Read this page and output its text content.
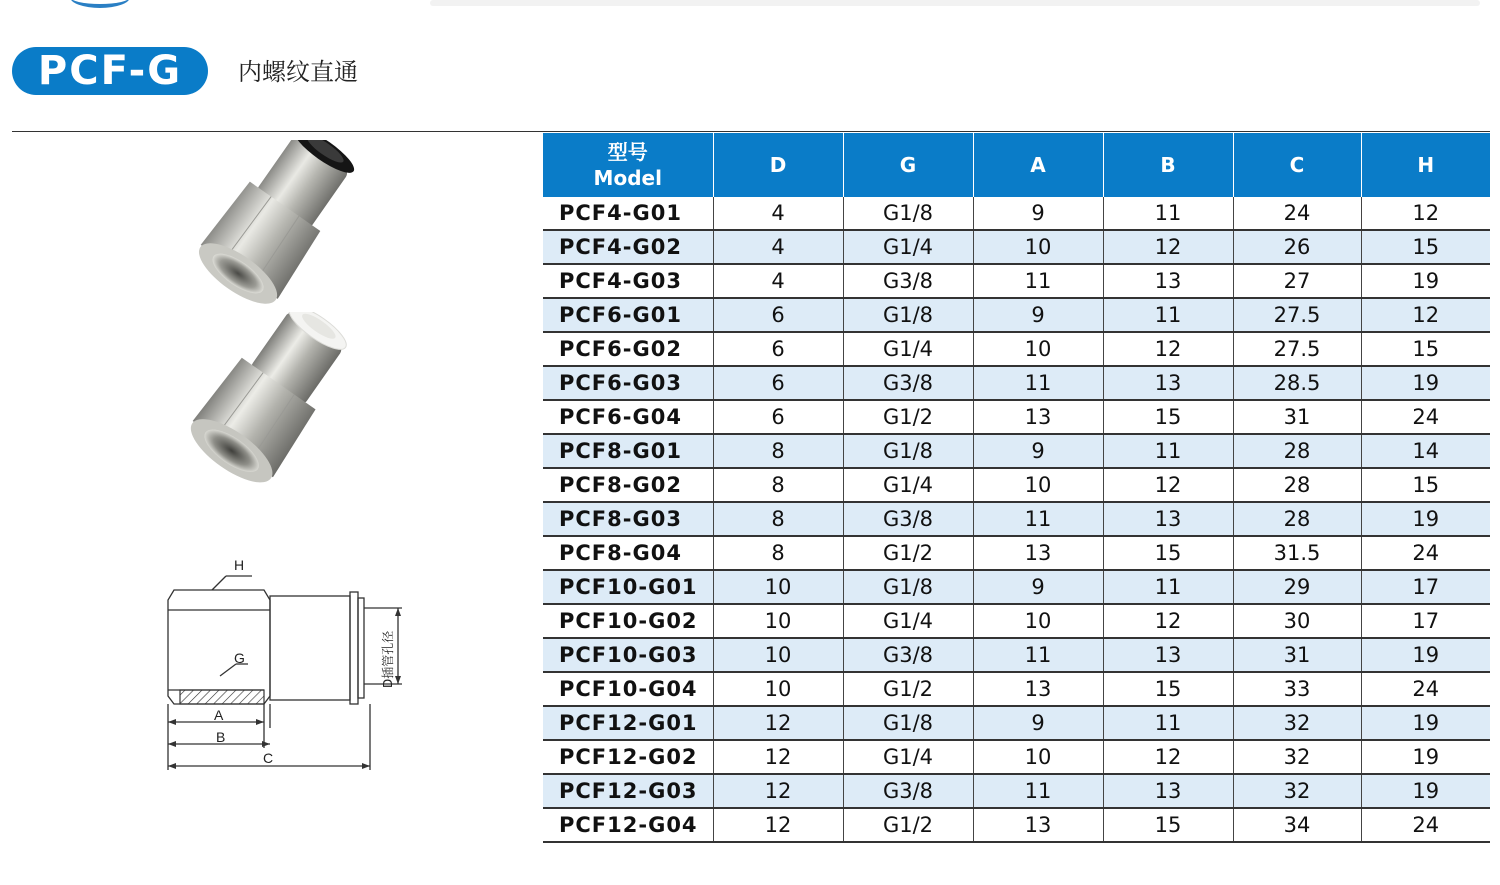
PCF-G	内螺纹直通
H
G
A
B
C
D插管孔径
型号
Model	D	G	A	B	C	H
PCF4-G01	4	G1/8	9	11	24	12
PCF4-G02	4	G1/4	10	12	26	15
PCF4-G03	4	G3/8	11	13	27	19
PCF6-G01	6	G1/8	9	11	27.5	12
PCF6-G02	6	G1/4	10	12	27.5	15
PCF6-G03	6	G3/8	11	13	28.5	19
PCF6-G04	6	G1/2	13	15	31	24
PCF8-G01	8	G1/8	9	11	28	14
PCF8-G02	8	G1/4	10	12	28	15
PCF8-G03	8	G3/8	11	13	28	19
PCF8-G04	8	G1/2	13	15	31.5	24
PCF10-G01	10	G1/8	9	11	29	17
PCF10-G02	10	G1/4	10	12	30	17
PCF10-G03	10	G3/8	11	13	31	19
PCF10-G04	10	G1/2	13	15	33	24
PCF12-G01	12	G1/8	9	11	32	19
PCF12-G02	12	G1/4	10	12	32	19
PCF12-G03	12	G3/8	11	13	32	19
PCF12-G04	12	G1/2	13	15	34	24
